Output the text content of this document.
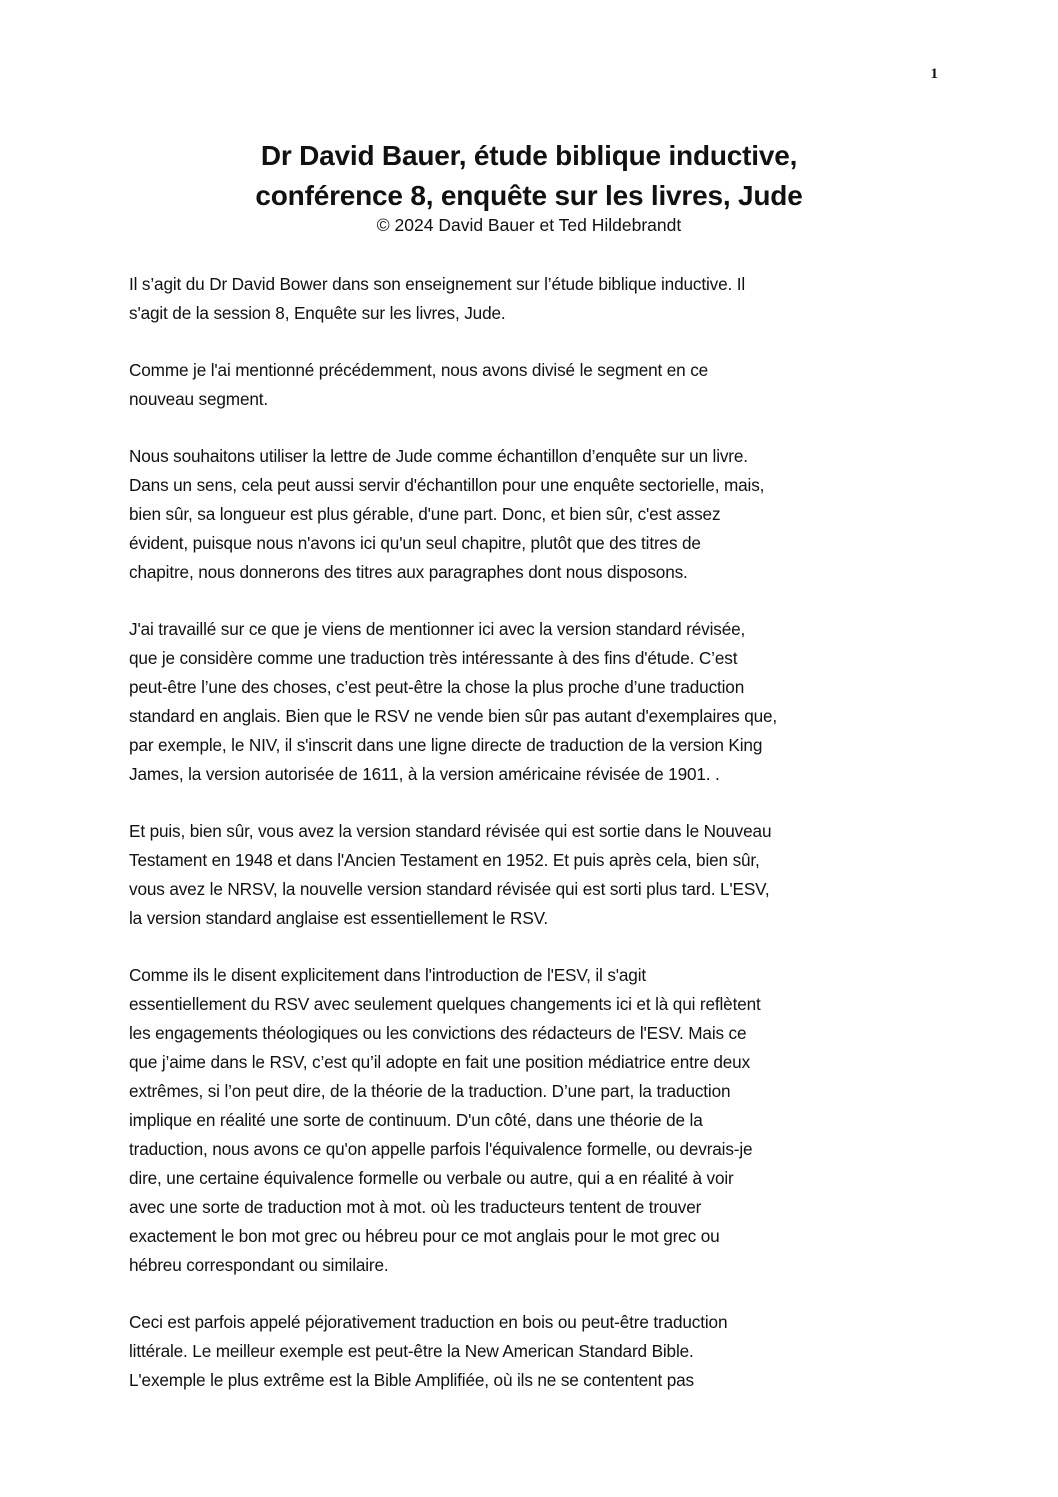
1
Dr David Bauer, étude biblique inductive,
conférence 8, enquête sur les livres, Jude
© 2024 David Bauer et Ted Hildebrandt

Il s’agit du Dr David Bower dans son enseignement sur l’étude biblique inductive. Il
s'agit de la session 8, Enquête sur les livres, Jude.

Comme je l'ai mentionné précédemment, nous avons divisé le segment en ce
nouveau segment.

Nous souhaitons utiliser la lettre de Jude comme échantillon d’enquête sur un livre.
Dans un sens, cela peut aussi servir d'échantillon pour une enquête sectorielle, mais,
bien sûr, sa longueur est plus gérable, d'une part. Donc, et bien sûr, c'est assez
évident, puisque nous n'avons ici qu'un seul chapitre, plutôt que des titres de
chapitre, nous donnerons des titres aux paragraphes dont nous disposons.

J'ai travaillé sur ce que je viens de mentionner ici avec la version standard révisée,
que je considère comme une traduction très intéressante à des fins d'étude. C’est
peut-être l’une des choses, c’est peut-être la chose la plus proche d’une traduction
standard en anglais. Bien que le RSV ne vende bien sûr pas autant d'exemplaires que,
par exemple, le NIV, il s'inscrit dans une ligne directe de traduction de la version King
James, la version autorisée de 1611, à la version américaine révisée de 1901. .

Et puis, bien sûr, vous avez la version standard révisée qui est sortie dans le Nouveau
Testament en 1948 et dans l'Ancien Testament en 1952. Et puis après cela, bien sûr,
vous avez le NRSV, la nouvelle version standard révisée qui est sorti plus tard. L'ESV,
la version standard anglaise est essentiellement le RSV.

Comme ils le disent explicitement dans l'introduction de l'ESV, il s'agit
essentiellement du RSV avec seulement quelques changements ici et là qui reflètent
les engagements théologiques ou les convictions des rédacteurs de l'ESV. Mais ce
que j’aime dans le RSV, c’est qu’il adopte en fait une position médiatrice entre deux
extrêmes, si l’on peut dire, de la théorie de la traduction. D’une part, la traduction
implique en réalité une sorte de continuum. D'un côté, dans une théorie de la
traduction, nous avons ce qu'on appelle parfois l'équivalence formelle, ou devrais-je
dire, une certaine équivalence formelle ou verbale ou autre, qui a en réalité à voir
avec une sorte de traduction mot à mot. où les traducteurs tentent de trouver
exactement le bon mot grec ou hébreu pour ce mot anglais pour le mot grec ou
hébreu correspondant ou similaire.

Ceci est parfois appelé péjorativement traduction en bois ou peut-être traduction
littérale. Le meilleur exemple est peut-être la New American Standard Bible.
L'exemple le plus extrême est la Bible Amplifiée, où ils ne se contentent pas
